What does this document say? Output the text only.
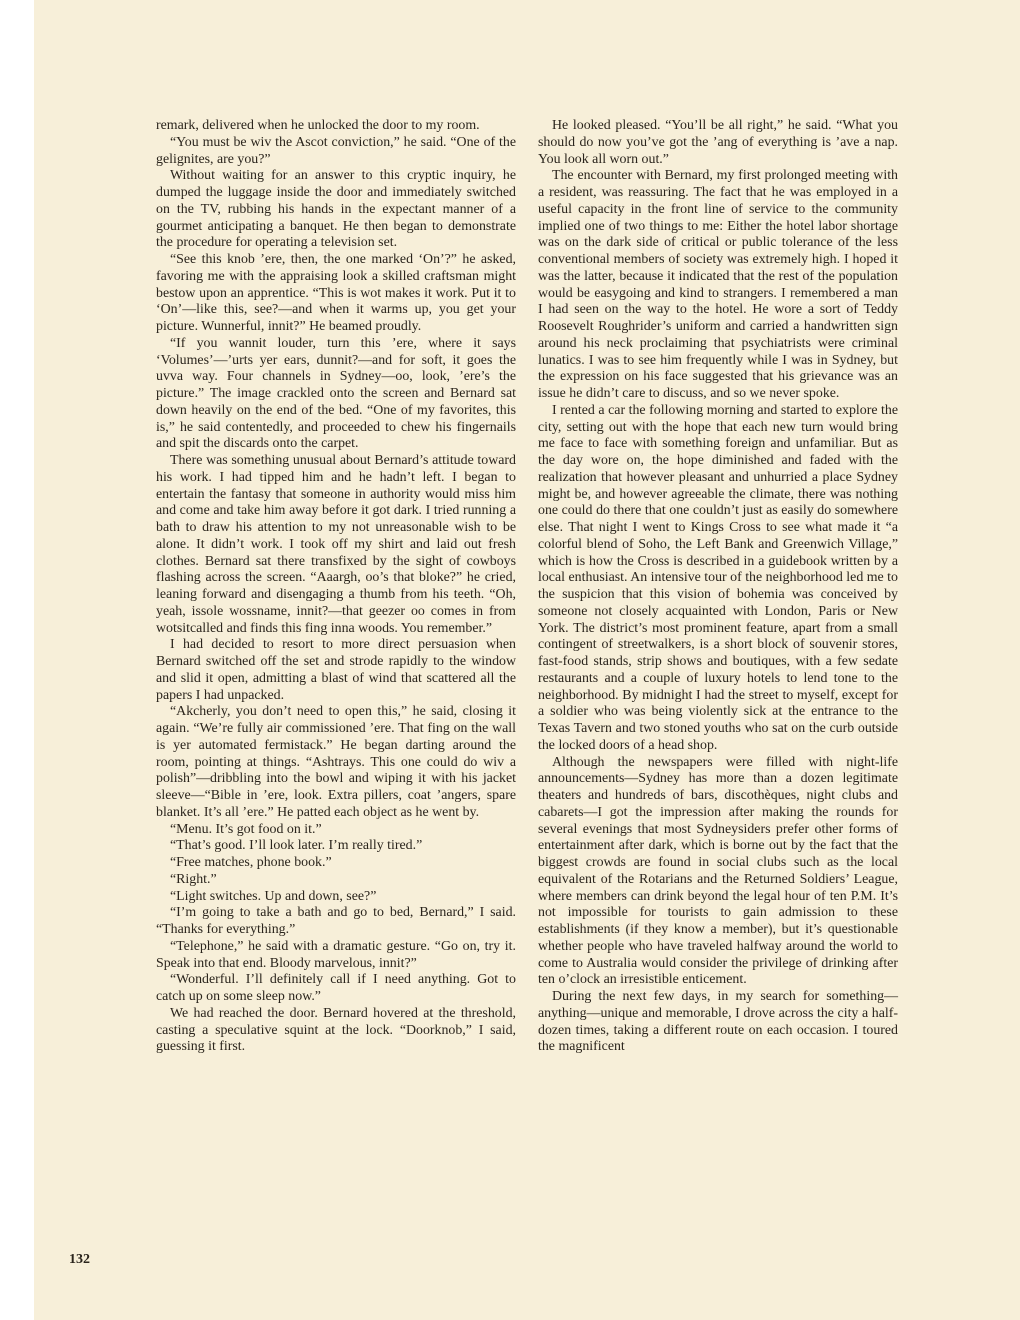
remark, delivered when he unlocked the door to my room.

“You must be wiv the Ascot conviction,” he said. “One of the gelignites, are you?”

Without waiting for an answer to this cryptic inquiry, he dumped the luggage inside the door and immediately switched on the TV, rubbing his hands in the expectant manner of a gourmet anticipating a banquet. He then began to demonstrate the procedure for operating a television set.

“See this knob ’ere, then, the one marked ‘On’?” he asked, favoring me with the appraising look a skilled craftsman might bestow upon an apprentice. “This is wot makes it work. Put it to ‘On’—like this, see?—and when it warms up, you get your picture. Wunnerful, innit?” He beamed proudly.

“If you wannit louder, turn this ’ere, where it says ‘Volumes’—’urts yer ears, dunnit?—and for soft, it goes the uvva way. Four channels in Sydney—oo, look, ’ere’s the picture.” The image crackled onto the screen and Bernard sat down heavily on the end of the bed. “One of my favorites, this is,” he said contentedly, and proceeded to chew his fingernails and spit the discards onto the carpet.

There was something unusual about Bernard’s attitude toward his work. I had tipped him and he hadn’t left. I began to entertain the fantasy that someone in authority would miss him and come and take him away before it got dark. I tried running a bath to draw his attention to my not unreasonable wish to be alone. It didn’t work. I took off my shirt and laid out fresh clothes. Bernard sat there transfixed by the sight of cowboys flashing across the screen. “Aaargh, oo’s that bloke?” he cried, leaning forward and disengaging a thumb from his teeth. “Oh, yeah, issole wossname, innit?—that geezer oo comes in from wotsitcalled and finds this fing inna woods. You remember.”

I had decided to resort to more direct persuasion when Bernard switched off the set and strode rapidly to the window and slid it open, admitting a blast of wind that scattered all the papers I had unpacked.

“Akcherly, you don’t need to open this,” he said, closing it again. “We’re fully air commissioned ’ere. That fing on the wall is yer automated fermistack.” He began darting around the room, pointing at things. “Ashtrays. This one could do wiv a polish”—dribbling into the bowl and wiping it with his jacket sleeve—“Bible in ’ere, look. Extra pillers, coat ’angers, spare blanket. It’s all ’ere.” He patted each object as he went by.

“Menu. It’s got food on it.”

“That’s good. I’ll look later. I’m really tired.”

“Free matches, phone book.”

“Right.”

“Light switches. Up and down, see?”

“I’m going to take a bath and go to bed, Bernard,” I said. “Thanks for everything.”

“Telephone,” he said with a dramatic gesture. “Go on, try it. Speak into that end. Bloody marvelous, innit?”

“Wonderful. I’ll definitely call if I need anything. Got to catch up on some sleep now.”

We had reached the door. Bernard hovered at the threshold, casting a speculative squint at the lock. “Doorknob,” I said, guessing it first.

He looked pleased. “You’ll be all right,” he said. “What you should do now you’ve got the ’ang of everything is ’ave a nap. You look all worn out.”

The encounter with Bernard, my first prolonged meeting with a resident, was reassuring. The fact that he was employed in a useful capacity in the front line of service to the community implied one of two things to me: Either the hotel labor shortage was on the dark side of critical or public tolerance of the less conventional members of society was extremely high. I hoped it was the latter, because it indicated that the rest of the population would be easygoing and kind to strangers. I remembered a man I had seen on the way to the hotel. He wore a sort of Teddy Roosevelt Roughrider’s uniform and carried a handwritten sign around his neck proclaiming that psychiatrists were criminal lunatics. I was to see him frequently while I was in Sydney, but the expression on his face suggested that his grievance was an issue he didn’t care to discuss, and so we never spoke.

I rented a car the following morning and started to explore the city, setting out with the hope that each new turn would bring me face to face with something foreign and unfamiliar. But as the day wore on, the hope diminished and faded with the realization that however pleasant and unhurried a place Sydney might be, and however agreeable the climate, there was nothing one could do there that one couldn’t just as easily do somewhere else. That night I went to Kings Cross to see what made it “a colorful blend of Soho, the Left Bank and Greenwich Village,” which is how the Cross is described in a guidebook written by a local enthusiast. An intensive tour of the neighborhood led me to the suspicion that this vision of bohemia was conceived by someone not closely acquainted with London, Paris or New York. The district’s most prominent feature, apart from a small contingent of streetwalkers, is a short block of souvenir stores, fast-food stands, strip shows and boutiques, with a few sedate restaurants and a couple of luxury hotels to lend tone to the neighborhood. By midnight I had the street to myself, except for a soldier who was being violently sick at the entrance to the Texas Tavern and two stoned youths who sat on the curb outside the locked doors of a head shop.

Although the newspapers were filled with night-life announcements—Sydney has more than a dozen legitimate theaters and hundreds of bars, discothèques, night clubs and cabarets—I got the impression after making the rounds for several evenings that most Sydneysiders prefer other forms of entertainment after dark, which is borne out by the fact that the biggest crowds are found in social clubs such as the local equivalent of the Rotarians and the Returned Soldiers’ League, where members can drink beyond the legal hour of ten P.M. It’s not impossible for tourists to gain admission to these establishments (if they know a member), but it’s questionable whether people who have traveled halfway around the world to come to Australia would consider the privilege of drinking after ten o’clock an irresistible enticement.

During the next few days, in my search for something—anything—unique and memorable, I drove across the city a half-dozen times, taking a different route on each occasion. I toured the magnificent

132
